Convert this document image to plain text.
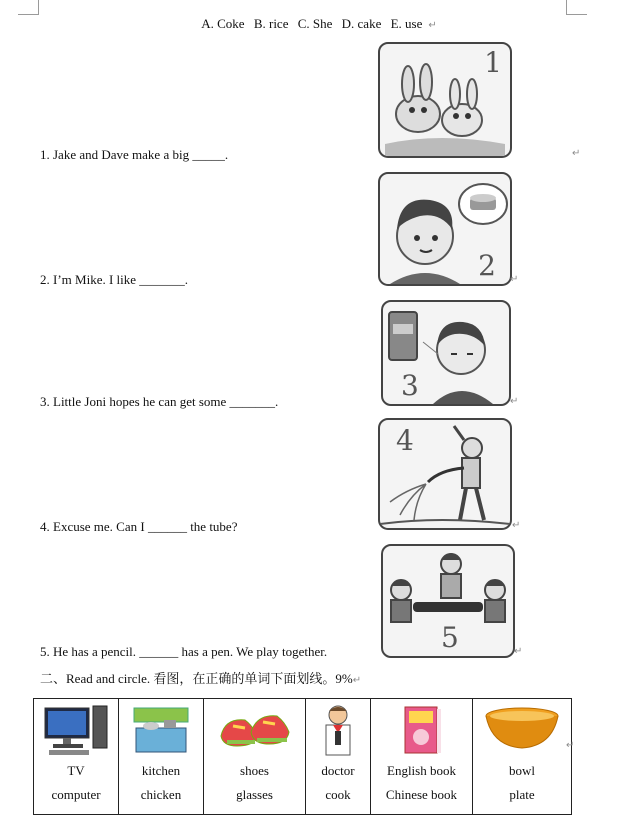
A. Coke B. rice C. She D. cake E. use ↵
1. Jake and Dave make a big _____.	↵
2. I’m Mike. I like _______.
3. Little Joni hopes he can get some _______.
4. Excuse me. Can I ______ the tube?
5. He has a pencil. ______ has a pen. We play together.
1
2 ↵
3	↵
4
↵
5	↵
二、Read and circle. 看图，在正确的单词下面划线。9%↵
TV
computer

kitchen
chicken

shoes
glasses

doctor
cook

English book
Chinese book

bowl
plate
↵
